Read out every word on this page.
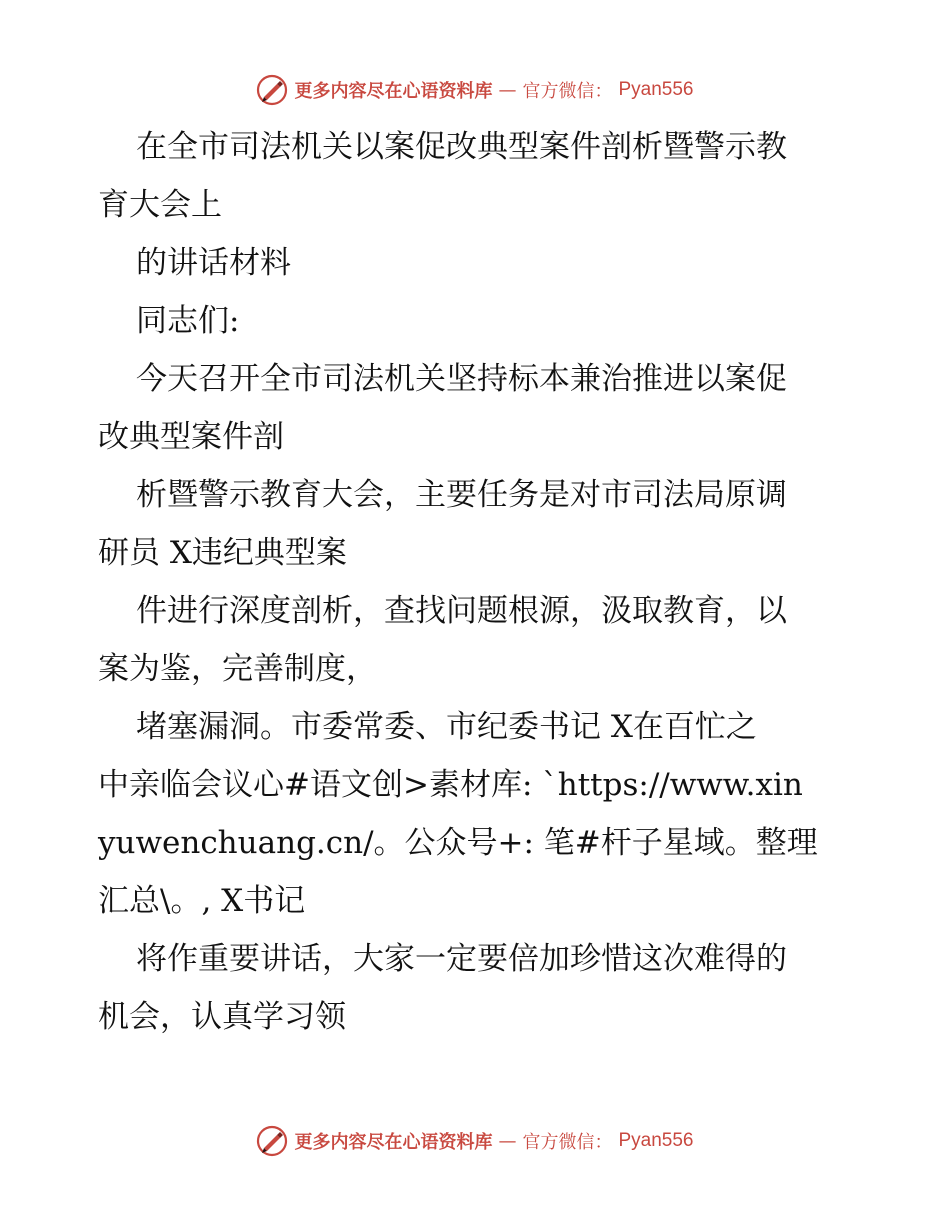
更多内容尽在心语资料库 — 官方微信： Pyan556
在全市司法机关以案促改典型案件剖析暨警示教
育大会上
的讲话材料
同志们:
今天召开全市司法机关坚持标本兼治推进以案促
改典型案件剖
析暨警示教育大会，主要任务是对市司法局原调
研员 X违纪典型案
件进行深度剖析，查找问题根源，汲取教育，以
案为鉴，完善制度，
堵塞漏洞。市委常委、市纪委书记 X在百忙之
中亲临会议心#语文创>素材库: `https://www.xin
yuwenchuang.cn/。公众号+: 笔#杆子星域。整理
汇总\。, X书记
将作重要讲话，大家一定要倍加珍惜这次难得的
机会，认真学习领
更多内容尽在心语资料库 — 官方微信： Pyan556
